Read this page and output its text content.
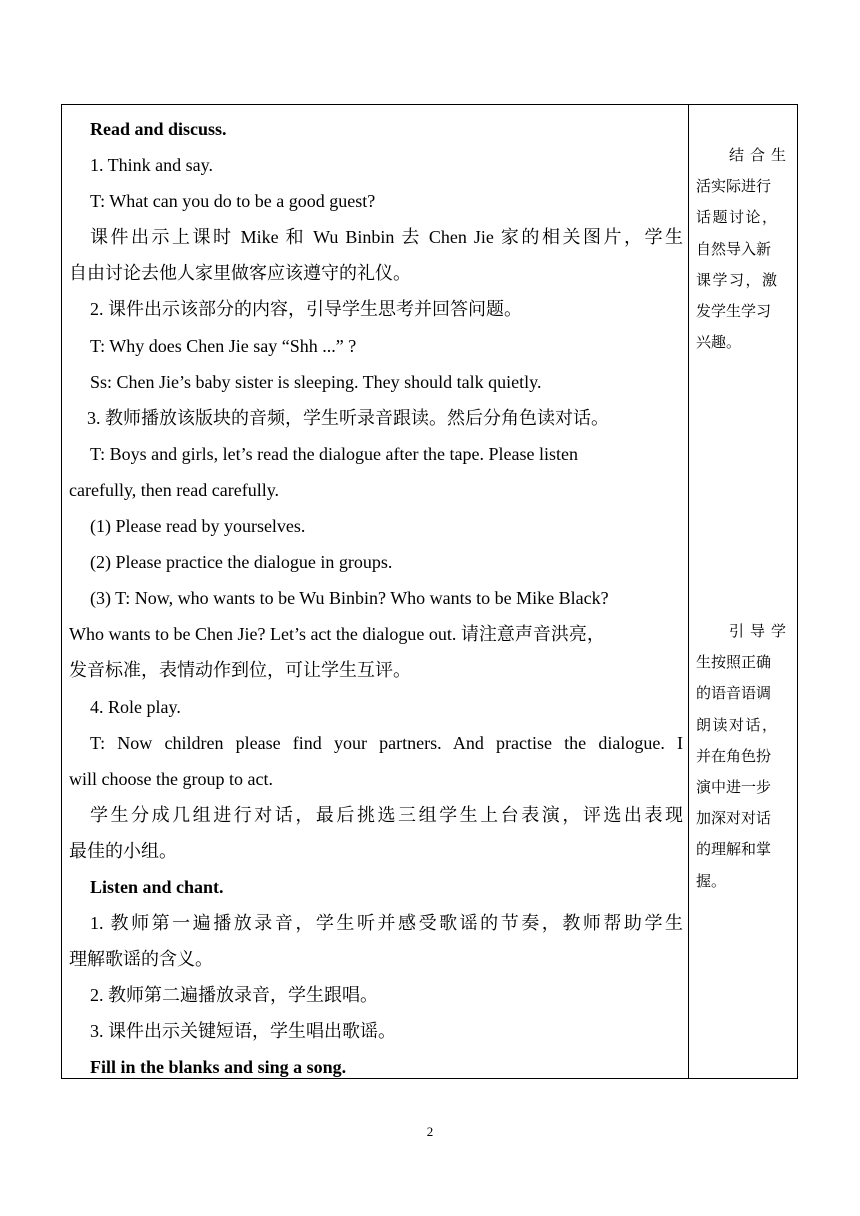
Read and discuss.
1. Think and say.
T: What can you do to be a good guest?
课件出示上课时 Mike 和 Wu Binbin 去 Chen Jie 家的相关图片，学生
自由讨论去他人家里做客应该遵守的礼仪。
2. 课件出示该部分的内容，引导学生思考并回答问题。
T: Why does Chen Jie say “Shh ...” ?
Ss: Chen Jie’s baby sister is sleeping. They should talk quietly.
3. 教师播放该版块的音频，学生听录音跟读。然后分角色读对话。
T: Boys and girls, let’s read the dialogue after the tape. Please listen
carefully, then read carefully.
(1) Please read by yourselves.
(2) Please practice the dialogue in groups.
(3) T: Now, who wants to be Wu Binbin? Who wants to be Mike Black?
Who wants to be Chen Jie? Let’s act the dialogue out. 请注意声音洪亮，
发音标准，表情动作到位，可让学生互评。
4. Role play.
T: Now children please find your partners. And practise the dialogue. I
will choose the group to act.
学生分成几组进行对话，最后挑选三组学生上台表演，评选出表现
最佳的小组。
Listen and chant.
1. 教师第一遍播放录音，学生听并感受歌谣的节奏，教师帮助学生
理解歌谣的含义。
2. 教师第二遍播放录音，学生跟唱。
3. 课件出示关键短语，学生唱出歌谣。
Fill in the blanks and sing a song.
结合生
活实际进行
话题讨论，
自然导入新
课学习，激
发学生学习
兴趣。
引导学
生按照正确
的语音语调
朗读对话，
并在角色扮
演中进一步
加深对对话
的理解和掌
握。
2
